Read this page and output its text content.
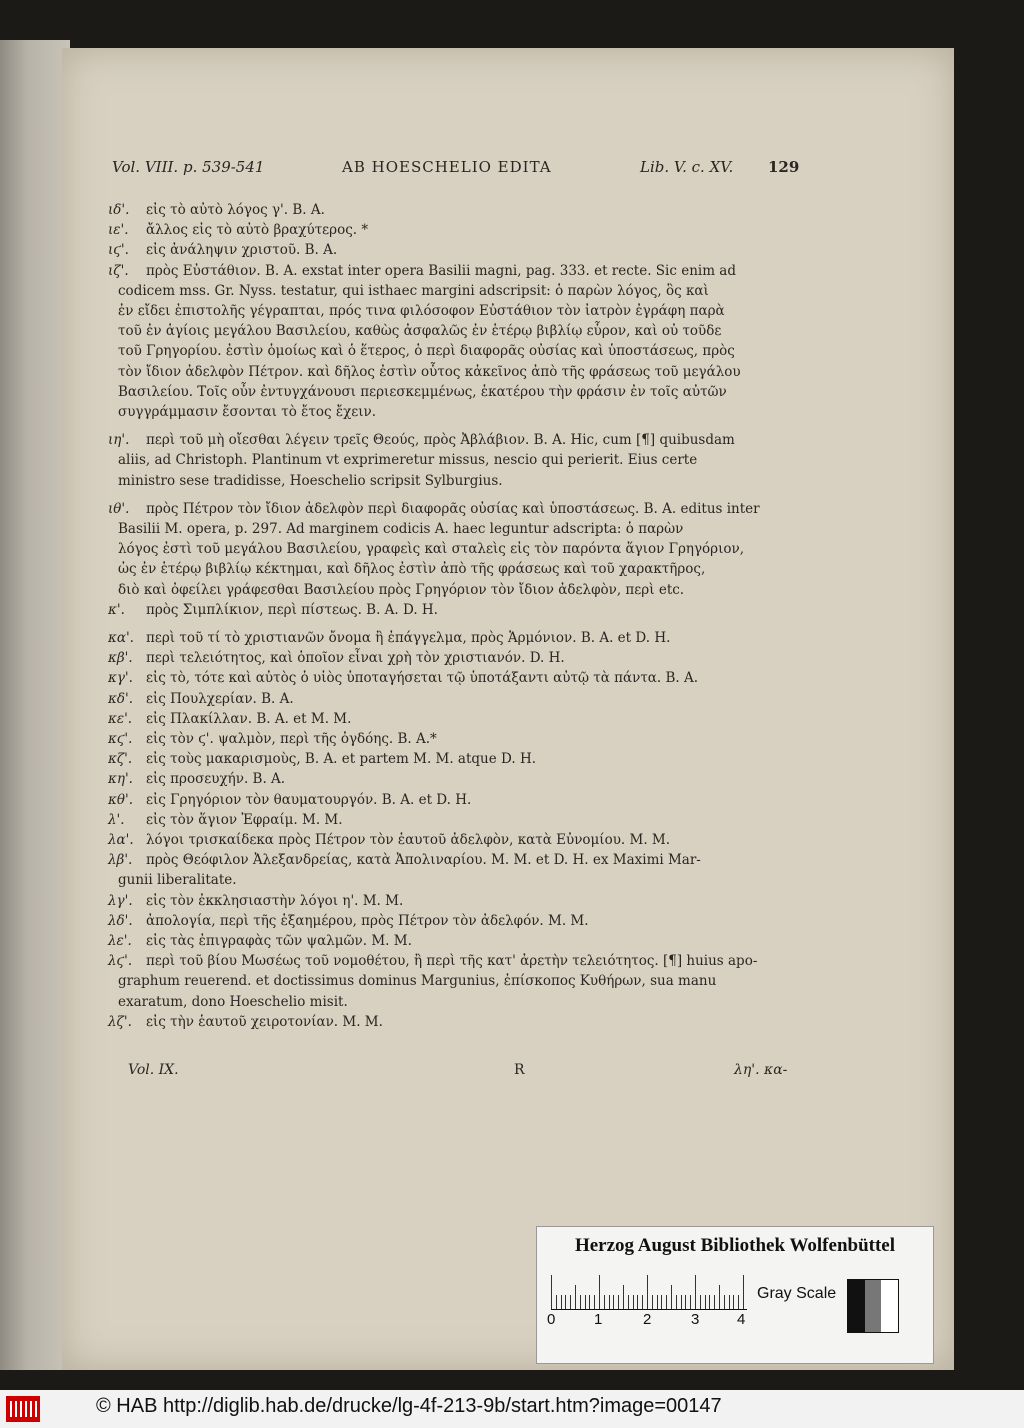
Vol. VIII. p. 539-541	AB HOESCHELIO EDITA	Lib. V. c. XV. 129
ιδ'. εἰς τὸ αὐτὸ λόγος γ'. B. A.
ιε'. ἄλλος εἰς τὸ αὐτὸ βραχύτερος. *
ιϛ'. εἰς ἀνάληψιν χριστοῦ. B. A.
ιζ'. πρὸς Εὐστάθιον. B. A. exstat inter opera Basilii magni, pag. 333. et recte. Sic enim ad
codicem mss. Gr. Nyss. testatur, qui isthaec margini adscripsit: ὁ παρὼν λόγος, ὃς καὶ
ἐν εἴδει ἐπιστολῆς γέγραπται, πρός τινα φιλόσοφον Εὐστάθιον τὸν ἰατρὸν ἐγράφη παρὰ
τοῦ ἐν ἁγίοις μεγάλου Βασιλείου, καθὼς ἀσφαλῶς ἐν ἑτέρῳ βιβλίῳ εὗρον, καὶ οὐ τοῦδε
τοῦ Γρηγορίου. ἐστὶν ὁμοίως καὶ ὁ ἕτερος, ὁ περὶ διαφορᾶς οὐσίας καὶ ὑποστάσεως, πρὸς
τὸν ἴδιον ἀδελφὸν Πέτρον. καὶ δῆλος ἐστὶν οὗτος κἀκεῖνος ἀπὸ τῆς φράσεως τοῦ μεγάλου
Βασιλείου. Τοῖς οὖν ἐντυγχάνουσι περιεσκεμμένως, ἑκατέρου τὴν φράσιν ἐν τοῖς αὐτῶν
συγγράμμασιν ἔσονται τὸ ἔτος ἔχειν.
ιη'. περὶ τοῦ μὴ οἴεσθαι λέγειν τρεῖς Θεούς, πρὸς Ἀβλάβιον. B. A. Hic, cum [¶] quibusdam
aliis, ad Christoph. Plantinum vt exprimeretur missus, nescio qui perierit. Eius certe
ministro sese tradidisse, Hoeschelio scripsit Sylburgius.
ιθ'. πρὸς Πέτρον τὸν ἴδιον ἀδελφὸν περὶ διαφορᾶς οὐσίας καὶ ὑποστάσεως. B. A. editus inter
Basilii M. opera, p. 297. Ad marginem codicis A. haec leguntur adscripta: ὁ παρὼν
λόγος ἐστὶ τοῦ μεγάλου Βασιλείου, γραφεὶς καὶ σταλεὶς εἰς τὸν παρόντα ἅγιον Γρηγόριον,
ὡς ἐν ἑτέρῳ βιβλίῳ κέκτημαι, καὶ δῆλος ἐστὶν ἀπὸ τῆς φράσεως καὶ τοῦ χαρακτῆρος,
διὸ καὶ ὀφείλει γράφεσθαι Βασιλείου πρὸς Γρηγόριον τὸν ἴδιον ἀδελφὸν, περὶ etc.
κ'. πρὸς Σιμπλίκιον, περὶ πίστεως. B. A. D. H.
κα'. περὶ τοῦ τί τὸ χριστιανῶν ὄνομα ἢ ἐπάγγελμα, πρὸς Ἁρμόνιον. B. A. et D. H.
κβ'. περὶ τελειότητος, καὶ ὁποῖον εἶναι χρὴ τὸν χριστιανόν. D. H.
κγ'. εἰς τὸ, τότε καὶ αὐτὸς ὁ υἱὸς ὑποταγήσεται τῷ ὑποτάξαντι αὐτῷ τὰ πάντα. B. A.
κδ'. εἰς Πουλχερίαν. B. A.
κε'. εἰς Πλακίλλαν. B. A. et M. M.
κϛ'. εἰς τὸν ϛ'. ψαλμὸν, περὶ τῆς ὀγδόης. B. A.*
κζ'. εἰς τοὺς μακαρισμοὺς, B. A. et partem M. M. atque D. H.
κη'. εἰς προσευχήν. B. A.
κθ'. εἰς Γρηγόριον τὸν θαυματουργόν. B. A. et D. H.
λ'. εἰς τὸν ἅγιον Ἐφραίμ. M. M.
λα'. λόγοι τρισκαίδεκα πρὸς Πέτρον τὸν ἑαυτοῦ ἀδελφὸν, κατὰ Εὐνομίου. M. M.
λβ'. πρὸς Θεόφιλον Ἀλεξανδρείας, κατὰ Ἀπολιναρίου. M. M. et D. H. ex Maximi Mar-
gunii liberalitate.
λγ'. εἰς τὸν ἐκκλησιαστὴν λόγοι η'. M. M.
λδ'. ἀπολογία, περὶ τῆς ἑξαημέρου, πρὸς Πέτρον τὸν ἀδελφόν. M. M.
λε'. εἰς τὰς ἐπιγραφὰς τῶν ψαλμῶν. M. M.
λϛ'. περὶ τοῦ βίου Μωσέως τοῦ νομοθέτου, ἢ περὶ τῆς κατ' ἀρετὴν τελειότητος. [¶] huius apo-
graphum reuerend. et doctissimus dominus Margunius, ἐπίσκοπος Κυθήρων, sua manu
exaratum, dono Hoeschelio misit.
λζ'. εἰς τὴν ἑαυτοῦ χειροτονίαν. M. M.
Vol. IX.	R	λη'. κα-
Herzog August Bibliothek Wolfenbüttel
0	1	2	3	4
Gray Scale
© HAB http://diglib.hab.de/drucke/lg-4f-213-9b/start.htm?image=00147
